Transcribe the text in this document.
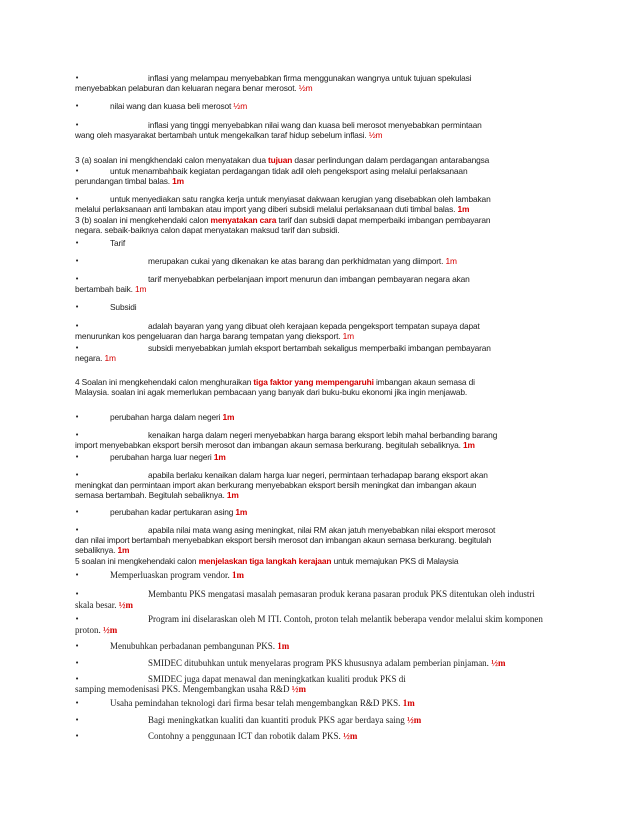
•	inflasi yang melampau menyebabkan firma menggunakan wangnya untuk tujuan spekulasi
menyebabkan pelaburan dan keluaran negara benar merosot. ½m
•	nilai wang dan kuasa beli merosot ½m
•	inflasi yang tinggi menyebabkan nilai wang dan kuasa beli merosot menyebabkan permintaan
wang oleh masyarakat bertambah untuk mengekalkan taraf hidup sebelum inflasi. ½m
3 (a) soalan ini mengkhendaki calon menyatakan dua tujuan dasar perlindungan dalam perdagangan antarabangsa
•	untuk menambahbaik kegiatan perdagangan tidak adil oleh pengeksport asing melalui perlaksanaan
perundangan timbal balas. 1m
•	untuk menyediakan satu rangka kerja untuk menyiasat dakwaan kerugian yang disebabkan oleh lambakan
melalui perlaksanaan anti lambakan atau import yang diberi subsidi melalui perlaksanaan duti timbal balas. 1m
3 (b) soalan ini mengkehendaki calon menyatakan cara tarif dan subsidi dapat memperbaiki imbangan pembayaran
negara. sebaik-baiknya calon dapat menyatakan maksud tarif dan subsidi.
•	Tarif
•	merupakan cukai yang dikenakan ke atas barang dan perkhidmatan yang diimport. 1m
•	tarif menyebabkan perbelanjaan import menurun dan imbangan pembayaran negara akan
bertambah baik. 1m
•	Subsidi
•	adalah bayaran yang yang dibuat oleh kerajaan kepada pengeksport tempatan supaya dapat
menurunkan kos pengeluaran dan harga barang tempatan yang dieksport. 1m
•	subsidi menyebabkan jumlah eksport bertambah sekaligus memperbaiki imbangan pembayaran
negara. 1m
4 Soalan ini mengkehendaki calon menghuraikan tiga faktor yang mempengaruhi imbangan akaun semasa di
Malaysia. soalan ini agak memerlukan pembacaan yang banyak dari buku-buku ekonomi jika ingin menjawab.
•	perubahan harga dalam negeri 1m
•	kenaikan harga dalam negeri menyebabkan harga barang eksport lebih mahal berbanding barang
import menyebabkan eksport bersih merosot dan imbangan akaun semasa berkurang. begitulah sebaliknya. 1m
•	perubahan harga luar negeri 1m
•	apabila berlaku kenaikan dalam harga luar negeri, permintaan terhadapap barang eksport akan
meningkat dan permintaan import akan berkurang menyebabkan eksport bersih meningkat dan imbangan akaun
semasa bertambah. Begitulah sebaliknya. 1m
•	perubahan kadar pertukaran asing 1m
•	apabila nilai mata wang asing meningkat, nilai RM akan jatuh menyebabkan nilai eksport merosot
dan nilai import bertambah menyebabkan eksport bersih merosot dan imbangan akaun semasa berkurang. begitulah
sebaliknya. 1m
5 soalan ini mengkehendaki calon menjelaskan tiga langkah kerajaan untuk memajukan PKS di Malaysia
•	Memperluaskan program vendor. 1m
•	Membantu PKS mengatasi masalah pemasaran produk kerana pasaran produk PKS ditentukan oleh industri
skala besar. ½m
•	Program ini diselaraskan oleh M ITI. Contoh, proton telah melantik beberapa vendor melalui skim komponen
proton. ½m
•	Menubuhkan perbadanan pembangunan PKS. 1m
•	SMIDEC ditubuhkan untuk menyelaras program PKS khususnya adalam pemberian pinjaman. ½m
•	SMIDEC juga dapat menawal dan meningkatkan kualiti produk PKS di
samping memodenisasi PKS. Mengembangkan usaha R&D ½m
•	Usaha pemindahan teknologi dari firma besar telah mengembangkan R&D PKS. 1m
•	Bagi meningkatkan kualiti dan kuantiti produk PKS agar berdaya saing ½m
•	Contohny a penggunaan ICT dan robotik dalam PKS. ½m
